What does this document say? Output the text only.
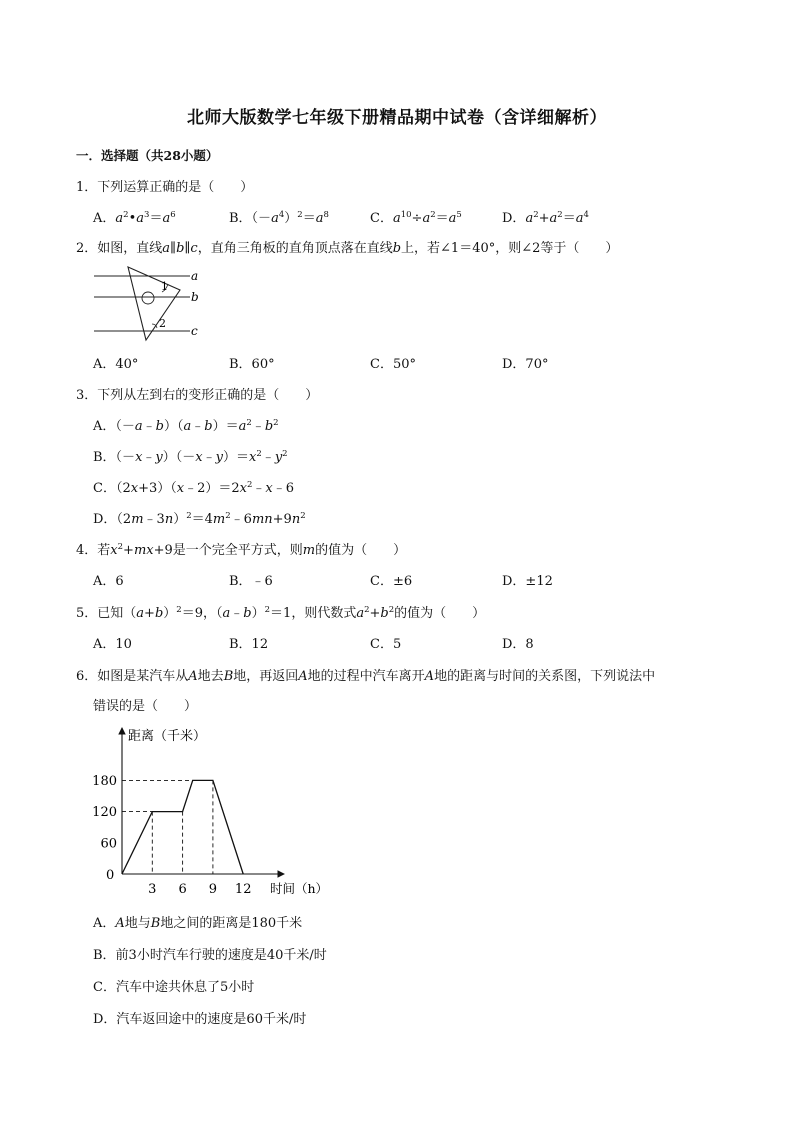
北师大版数学七年级下册精品期中试卷（含详细解析）
一．选择题（共28小题）
1．下列运算正确的是（　　）
A．$a^2•a^3=a^6$	B．$(-a^4)^2=a^8$	C．$a^{10}\div a^2=a^5$	D．$a^2+a^2=a^4$
2．如图，直线a∥b∥c，直角三角板的直角顶点落在直线b上，若∠1＝40°，则∠2等于（　　）
a
1
b
2
c
A．40°	B．60°	C．50°	D．70°
3．下列从左到右的变形正确的是（　　）
A．$(-a﹣b)(a﹣b)=a^2﹣b^2$
B．$(-x﹣y)(-x﹣y)=x^2﹣y^2$
C．$(2x+3)(x﹣2)=2x^2﹣x﹣6$
D．$(2m﹣3n)^2=4m^2﹣6mn+9n^2$
4．若$x^2+mx+9$是一个完全平方式，则m的值为（　　）
A．6	B．﹣6	C．±6	D．±12
5．已知$(a+b)^2=9$，（a﹣b）$^2$＝1，则代数式$a^2+b^2$的值为（　　）
A．10	B．12	C．5	D．8
6．如图是某汽车从A地去B地，再返回A地的过程中汽车离开A地的距离与时间的关系图，下列说法中
错误的是（　　）
距离（千米）
时间（h）
0
60
120
180
3 6 9 12
A．A地与B地之间的距离是180千米
B．前3小时汽车行驶的速度是40千米/时
C．汽车中途共休息了5小时
D．汽车返回途中的速度是60千米/时
